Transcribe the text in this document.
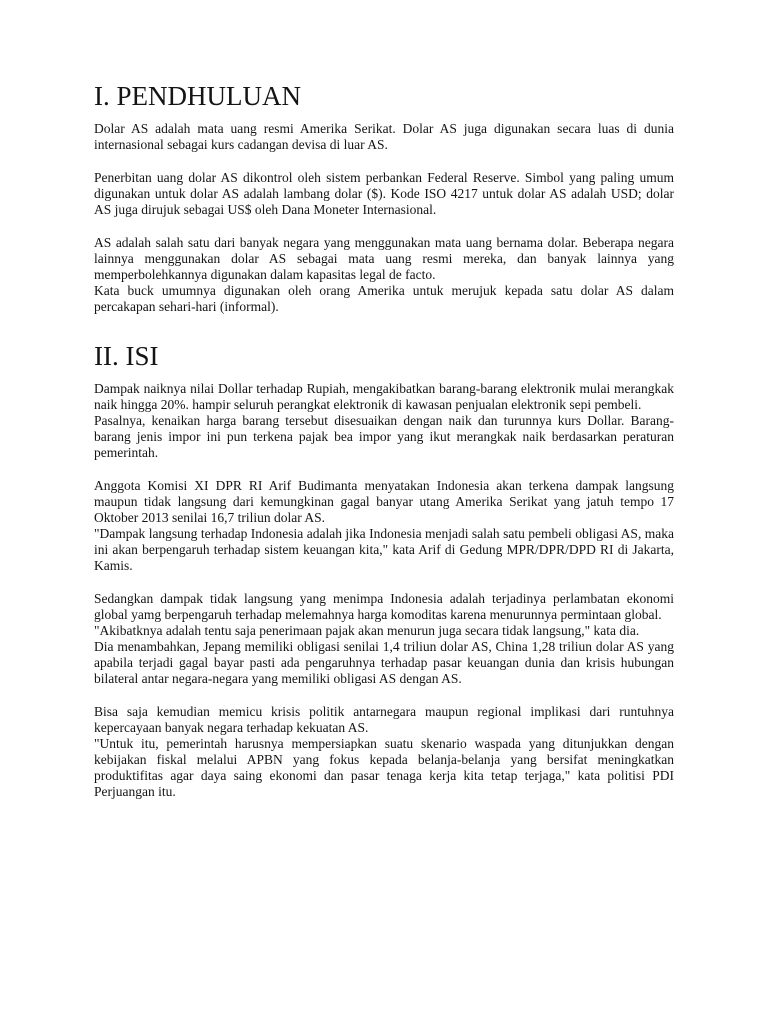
I. PENDHULUAN

Dolar AS adalah mata uang resmi Amerika Serikat. Dolar AS juga digunakan secara luas di dunia internasional sebagai kurs cadangan devisa di luar AS.

Penerbitan uang dolar AS dikontrol oleh sistem perbankan Federal Reserve. Simbol yang paling umum digunakan untuk dolar AS adalah lambang dolar ($). Kode ISO 4217 untuk dolar AS adalah USD; dolar AS juga dirujuk sebagai US$ oleh Dana Moneter Internasional.

AS adalah salah satu dari banyak negara yang menggunakan mata uang bernama dolar. Beberapa negara lainnya menggunakan dolar AS sebagai mata uang resmi mereka, dan banyak lainnya yang memperbolehkannya digunakan dalam kapasitas legal de facto.

Kata buck umumnya digunakan oleh orang Amerika untuk merujuk kepada satu dolar AS dalam percakapan sehari-hari (informal).

II. ISI

Dampak naiknya nilai Dollar terhadap Rupiah, mengakibatkan barang-barang elektronik mulai merangkak naik hingga 20%. hampir seluruh perangkat elektronik di kawasan penjualan elektronik sepi pembeli.

Pasalnya, kenaikan harga barang tersebut disesuaikan dengan naik dan turunnya kurs Dollar. Barang-barang jenis impor ini pun terkena pajak bea impor yang ikut merangkak naik berdasarkan peraturan pemerintah.

Anggota Komisi XI DPR RI Arif Budimanta menyatakan Indonesia akan terkena dampak langsung maupun tidak langsung dari kemungkinan gagal banyar utang Amerika Serikat yang jatuh tempo 17 Oktober 2013 senilai 16,7 triliun dolar AS.

"Dampak langsung terhadap Indonesia adalah jika Indonesia menjadi salah satu pembeli obligasi AS, maka ini akan berpengaruh terhadap sistem keuangan kita," kata Arif di Gedung MPR/DPR/DPD RI di Jakarta, Kamis.

Sedangkan dampak tidak langsung yang menimpa Indonesia adalah terjadinya perlambatan ekonomi global yamg berpengaruh terhadap melemahnya harga komoditas karena menurunnya permintaan global.

"Akibatknya adalah tentu saja penerimaan pajak akan menurun juga secara tidak langsung," kata dia.

Dia menambahkan, Jepang memiliki obligasi senilai 1,4 triliun dolar AS, China 1,28 triliun dolar AS yang apabila terjadi gagal bayar pasti ada pengaruhnya terhadap pasar keuangan dunia dan krisis hubungan bilateral antar negara-negara yang memiliki obligasi AS dengan AS.

Bisa saja kemudian memicu krisis politik antarnegara maupun regional implikasi dari runtuhnya kepercayaan banyak negara terhadap kekuatan AS.

"Untuk itu, pemerintah harusnya mempersiapkan suatu skenario waspada yang ditunjukkan dengan kebijakan fiskal melalui APBN yang fokus kepada belanja-belanja yang bersifat meningkatkan produktifitas agar daya saing ekonomi dan pasar tenaga kerja kita tetap terjaga," kata politisi PDI Perjuangan itu.
